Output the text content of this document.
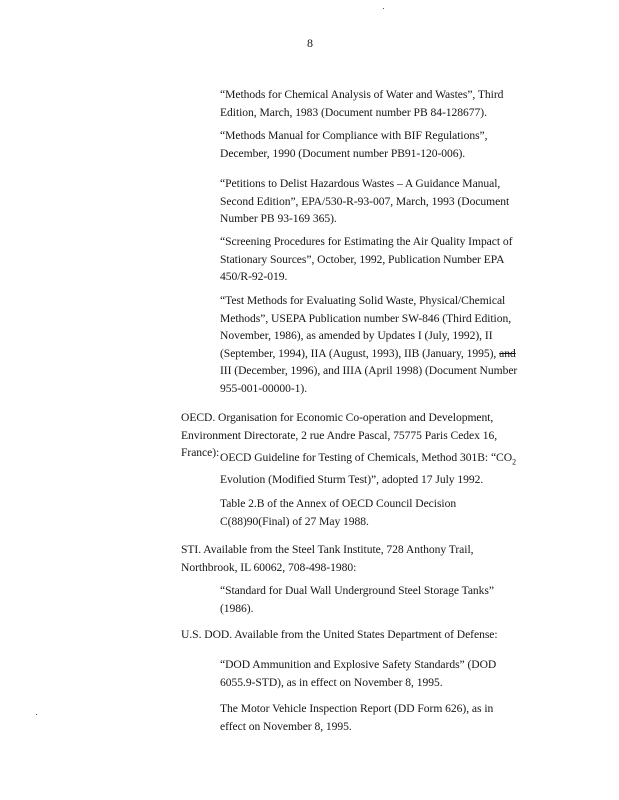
8
“Methods for Chemical Analysis of Water and Wastes”, Third
Edition, March, 1983 (Document number PB 84-128677).
“Methods Manual for Compliance with BIF Regulations”,
December, 1990 (Document number PB91-120-006).
“Petitions to Delist Hazardous Wastes – A Guidance Manual,
Second Edition”, EPA/530-R-93-007, March, 1993 (Document
Number PB 93-169 365).
“Screening Procedures for Estimating the Air Quality Impact of
Stationary Sources”, October, 1992, Publication Number EPA
450/R-92-019.
“Test Methods for Evaluating Solid Waste, Physical/Chemical
Methods”, USEPA Publication number SW-846 (Third Edition,
November, 1986), as amended by Updates I (July, 1992), II
(September, 1994), IIA (August, 1993), IIB (January, 1995), and
III (December, 1996), and IIIA (April 1998) (Document Number
955-001-00000-1).
OECD. Organisation for Economic Co-operation and Development,
Environment Directorate, 2 rue Andre Pascal, 75775 Paris Cedex 16,
France): OECD Guideline for Testing of Chemicals, Method 301B: “$CO_2$
Evolution (Modified Sturm Test)”, adopted 17 July 1992.
Table 2.B of the Annex of OECD Council Decision
C(88)90(Final) of 27 May 1988.
STI. Available from the Steel Tank Institute, 728 Anthony Trail,
Northbrook, IL 60062, 708-498-1980:
“Standard for Dual Wall Underground Steel Storage Tanks”
(1986).
U.S. DOD. Available from the United States Department of Defense:
“DOD Ammunition and Explosive Safety Standards” (DOD
6055.9-STD), as in effect on November 8, 1995.
The Motor Vehicle Inspection Report (DD Form 626), as in
effect on November 8, 1995.
